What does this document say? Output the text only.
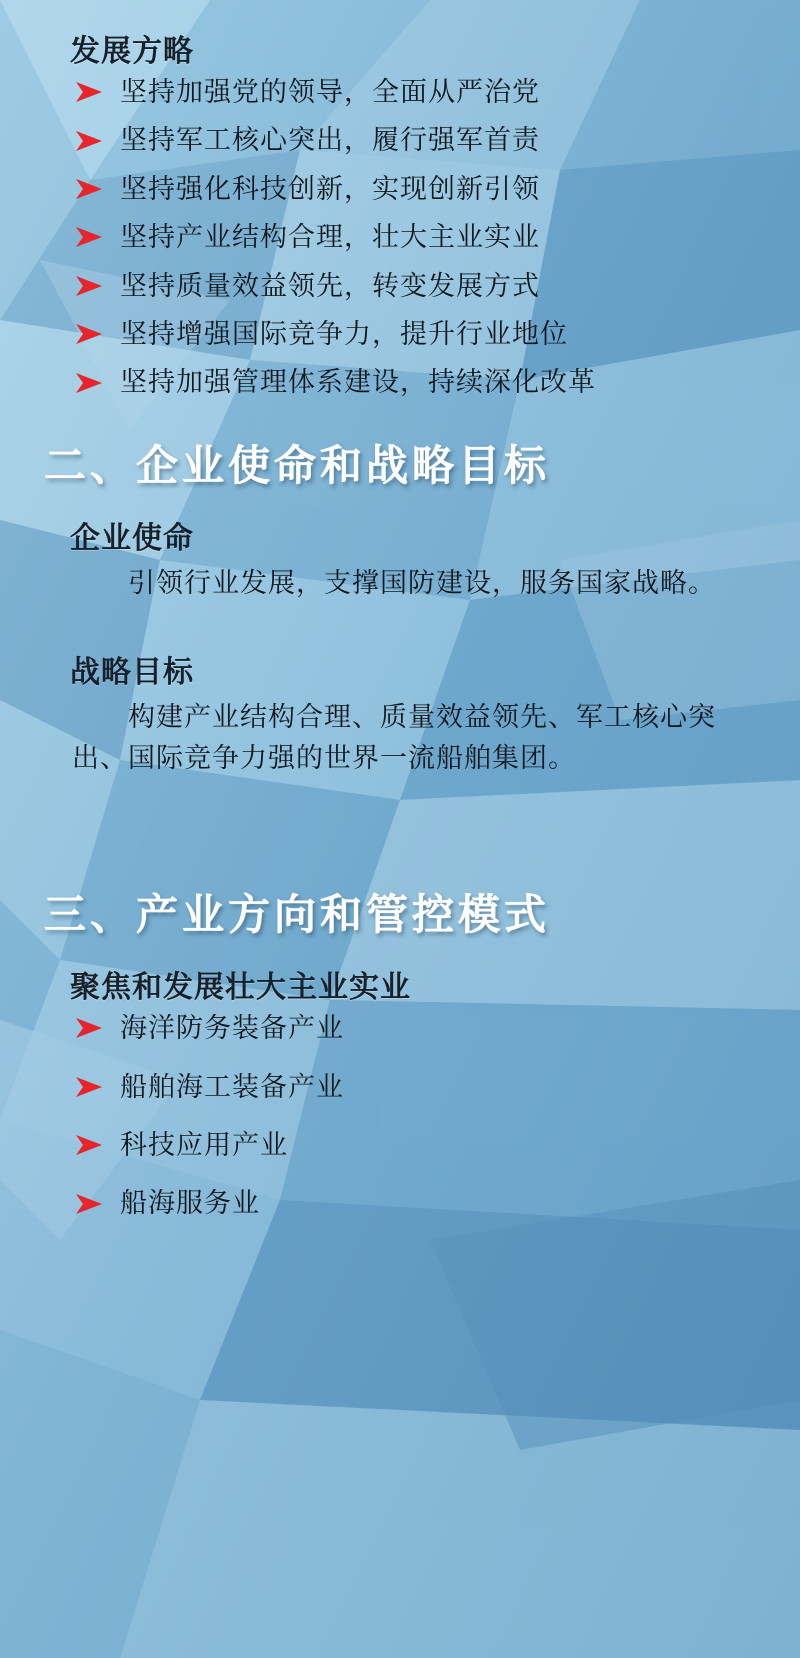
发展方略
坚持加强党的领导，全面从严治党
坚持军工核心突出，履行强军首责
坚持强化科技创新，实现创新引领
坚持产业结构合理，壮大主业实业
坚持质量效益领先，转变发展方式
坚持增强国际竞争力，提升行业地位
坚持加强管理体系建设，持续深化改革
二、企业使命和战略目标
企业使命

引领行业发展，支撑国防建设，服务国家战略。

战略目标

构建产业结构合理、质量效益领先、军工核心突出、国际竞争力强的世界一流船舶集团。

三、产业方向和管控模式
聚焦和发展壮大主业实业
海洋防务装备产业
船舶海工装备产业
科技应用产业
船海服务业
